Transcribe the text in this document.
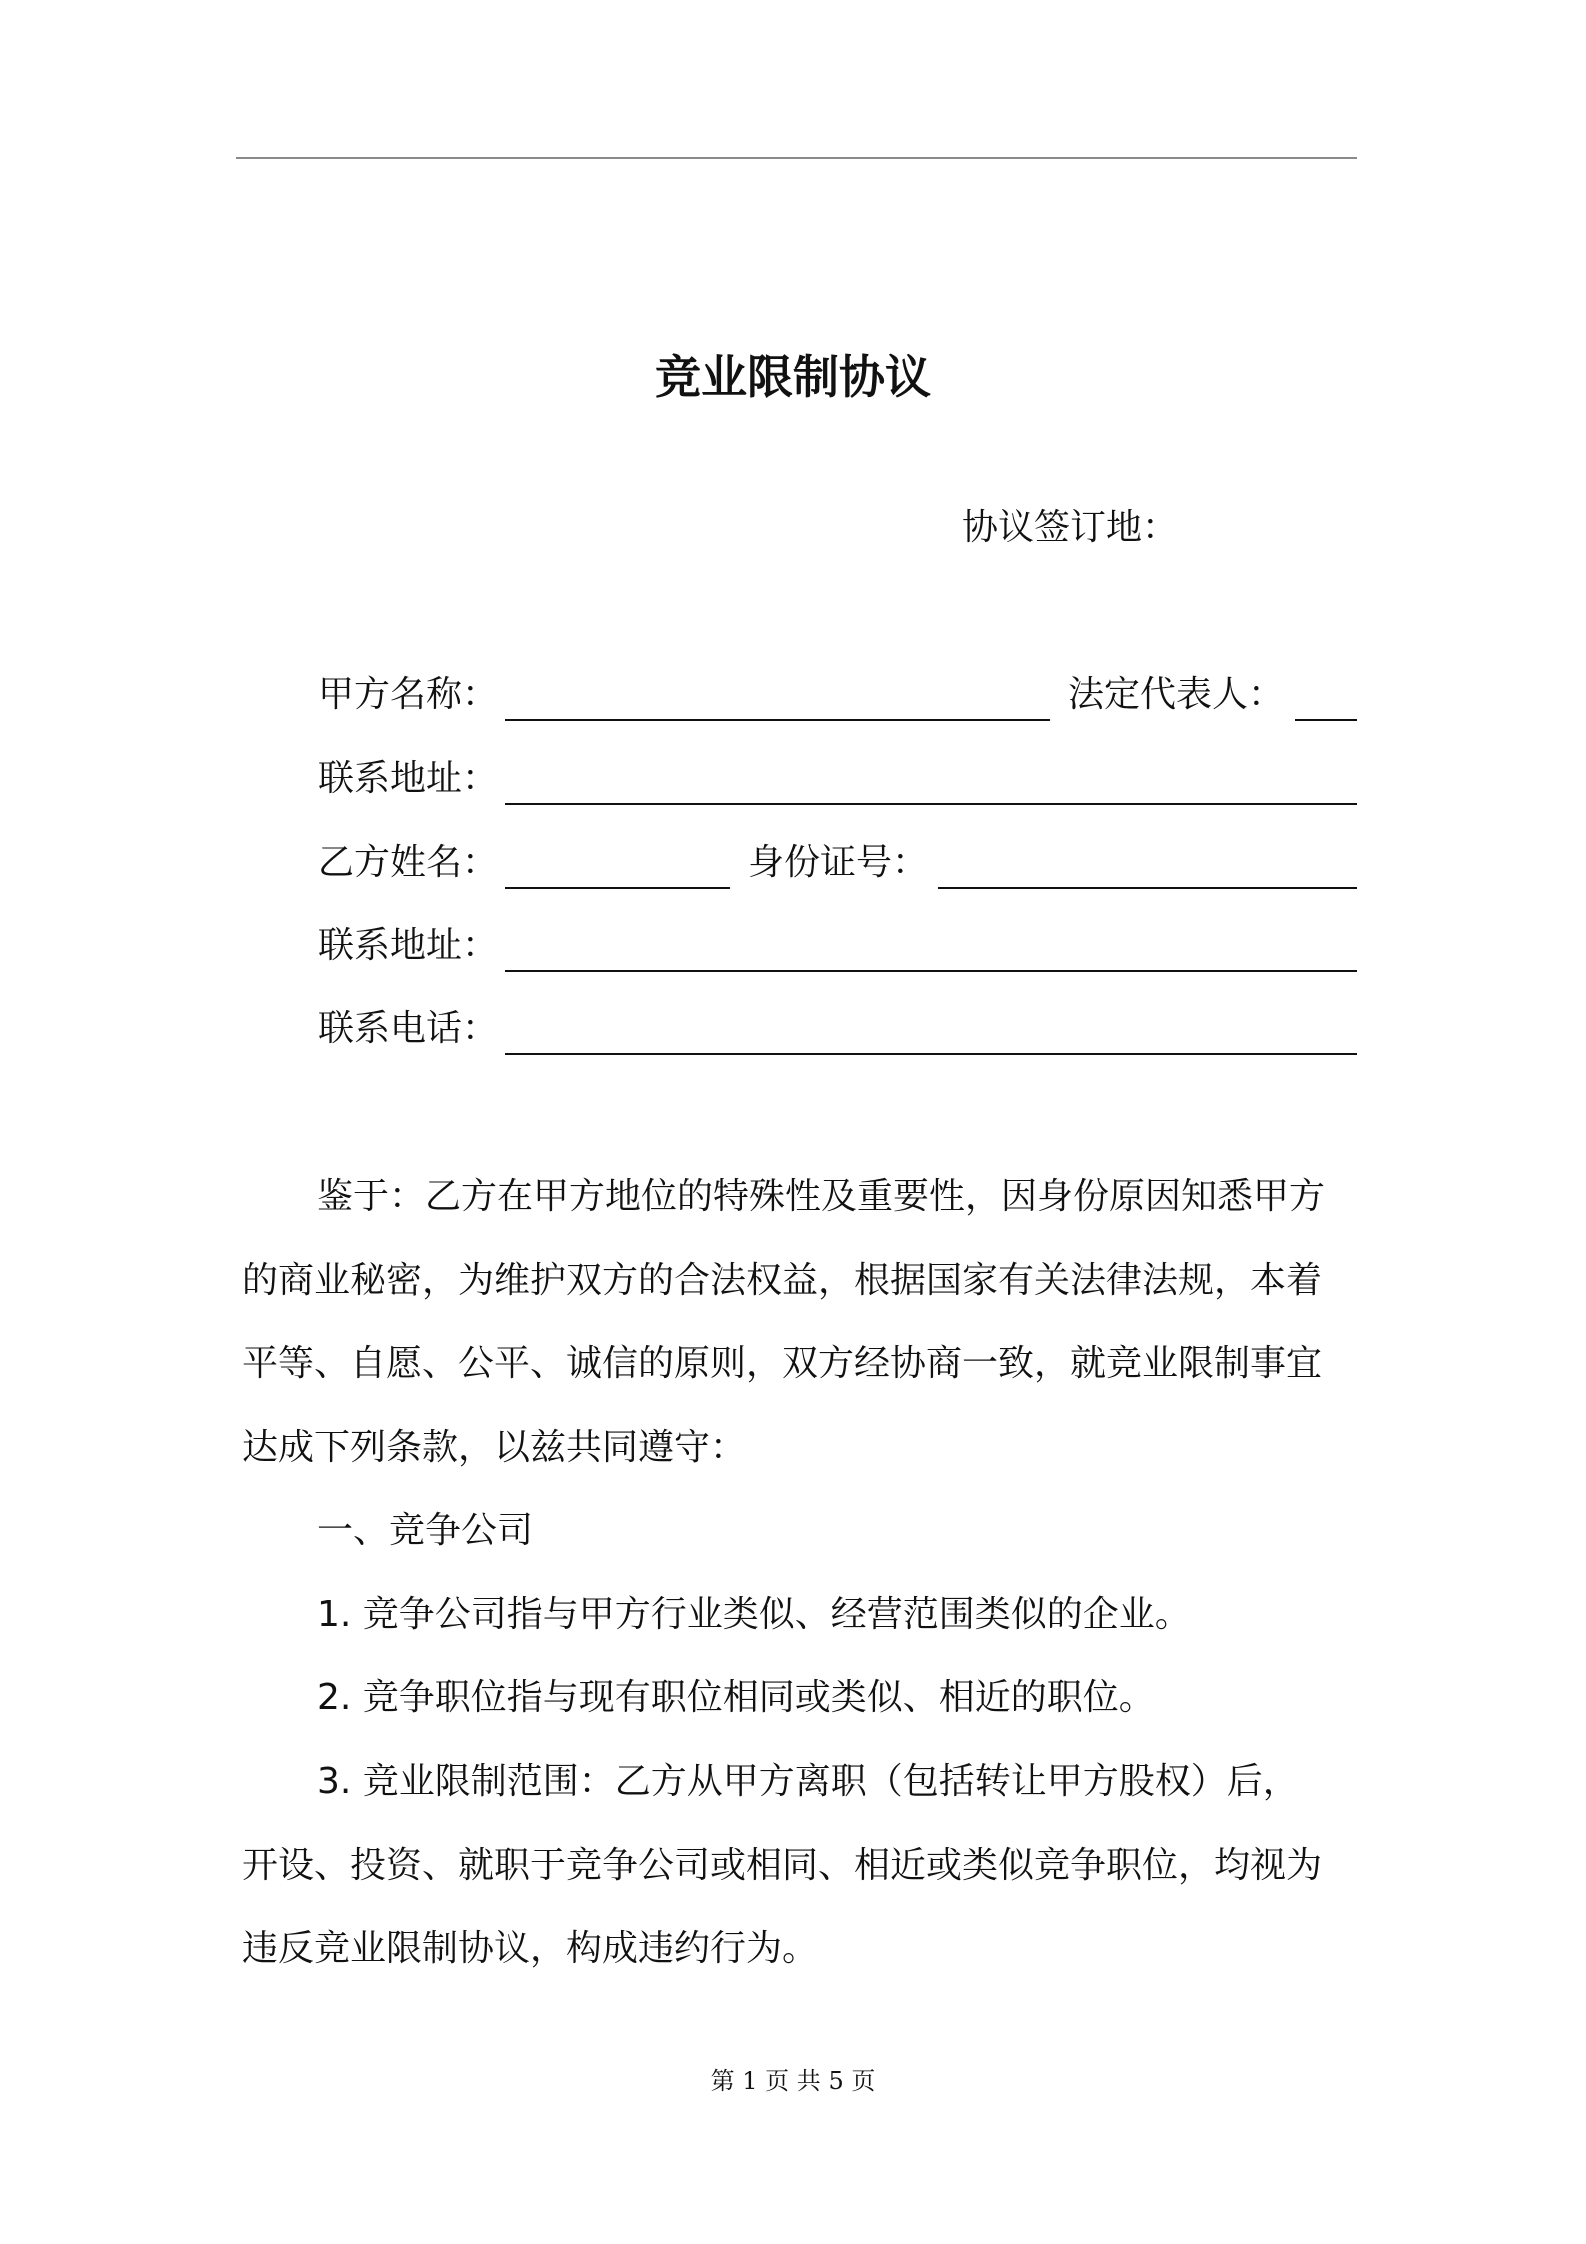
竞业限制协议
协议签订地：
甲方名称：	法定代表人：
联系地址：
乙方姓名：	身份证号：
联系地址：
联系电话：
鉴于：乙方在甲方地位的特殊性及重要性，因身份原因知悉甲方
的商业秘密，为维护双方的合法权益，根据国家有关法律法规，本着
平等、自愿、公平、诚信的原则，双方经协商一致，就竞业限制事宜
达成下列条款，以兹共同遵守：
一、竞争公司
1. 竞争公司指与甲方行业类似、经营范围类似的企业。
2. 竞争职位指与现有职位相同或类似、相近的职位。
3. 竞业限制范围：乙方从甲方离职（包括转让甲方股权）后，
开设、投资、就职于竞争公司或相同、相近或类似竞争职位，均视为
违反竞业限制协议，构成违约行为。
第 1 页 共 5 页
